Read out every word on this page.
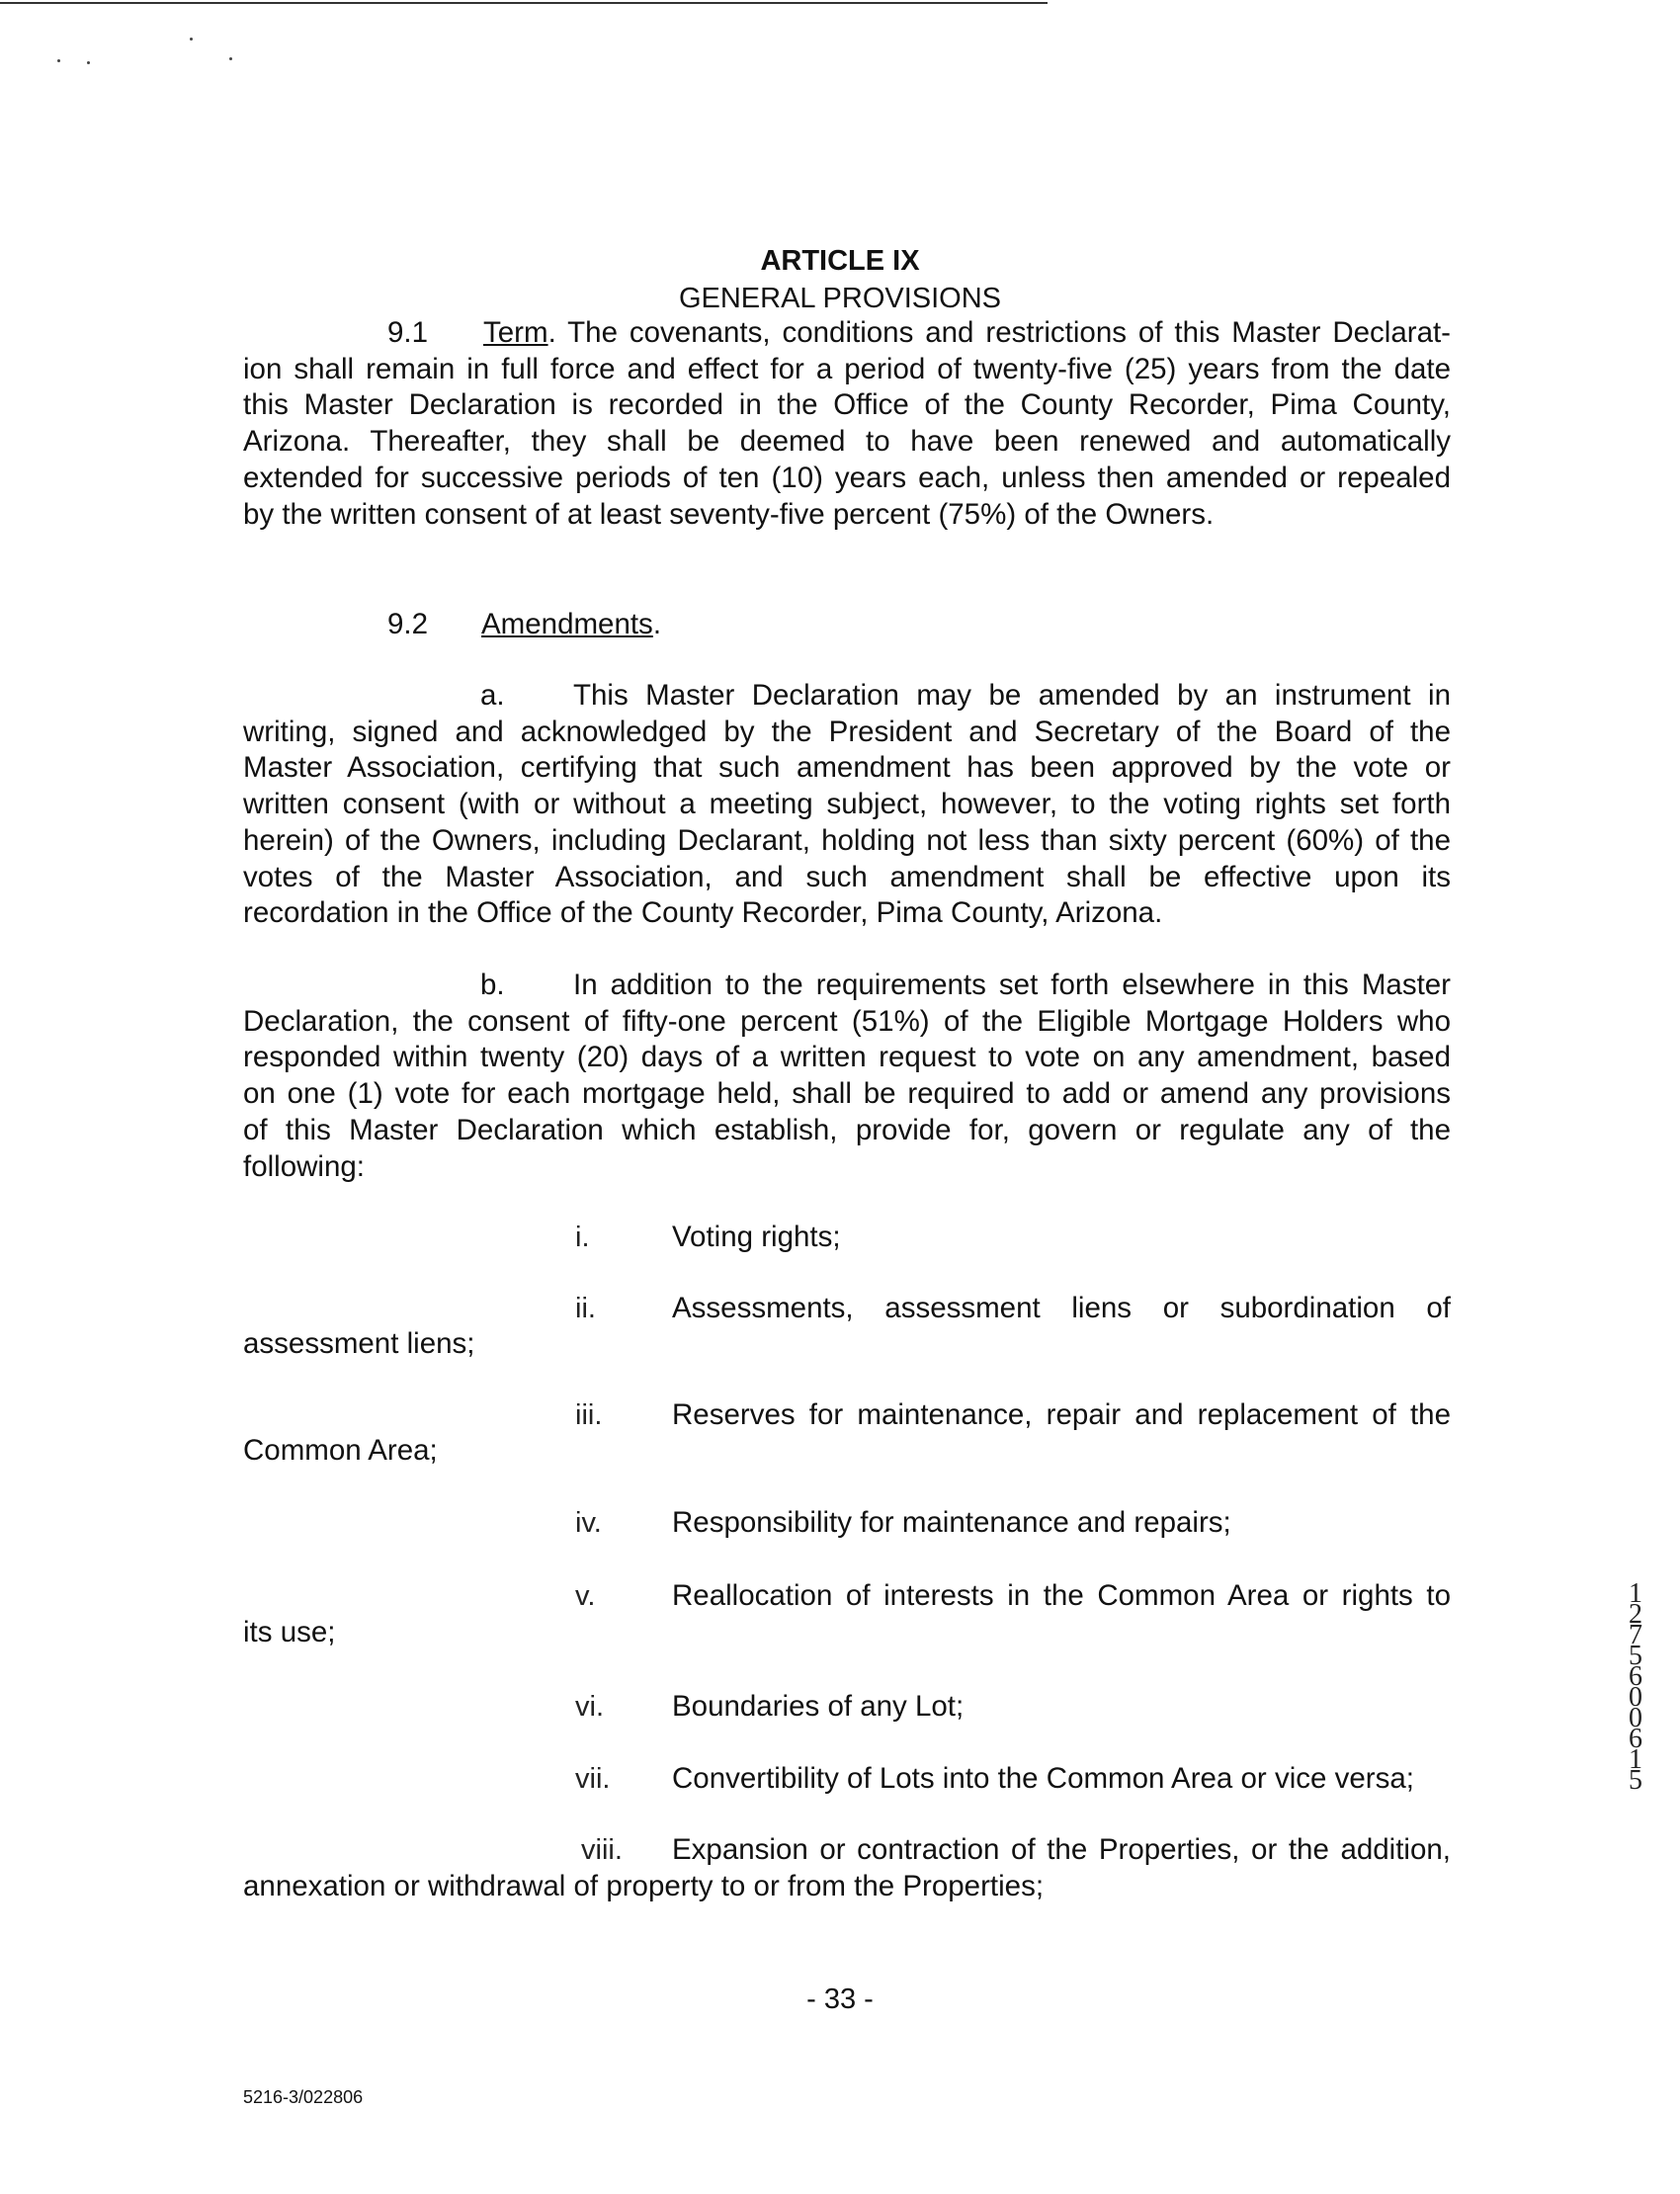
ARTICLE IX
GENERAL PROVISIONS
9.1 Term. The covenants, conditions and restrictions of this Master Declarat-
ion shall remain in full force and effect for a period of twenty-five (25) years from the date
this Master Declaration is recorded in the Office of the County Recorder, Pima County,
Arizona. Thereafter, they shall be deemed to have been renewed and automatically
extended for successive periods of ten (10) years each, unless then amended or repealed
by the written consent of at least seventy-five percent (75%) of the Owners.
9.2 Amendments.
a. This Master Declaration may be amended by an instrument in
writing, signed and acknowledged by the President and Secretary of the Board of the
Master Association, certifying that such amendment has been approved by the vote or
written consent (with or without a meeting subject, however, to the voting rights set forth
herein) of the Owners, including Declarant, holding not less than sixty percent (60%) of the
votes of the Master Association, and such amendment shall be effective upon its
recordation in the Office of the County Recorder, Pima County, Arizona.
b. In addition to the requirements set forth elsewhere in this Master
Declaration, the consent of fifty-one percent (51%) of the Eligible Mortgage Holders who
responded within twenty (20) days of a written request to vote on any amendment, based
on one (1) vote for each mortgage held, shall be required to add or amend any provisions
of this Master Declaration which establish, provide for, govern or regulate any of the
following:
i.	Voting rights;
ii.	Assessments, assessment liens or subordination of
assessment liens;
iii. Reserves for maintenance, repair and replacement of the
Common Area;
iv. Responsibility for maintenance and repairs;
v.	Reallocation of interests in the Common Area or rights to
its use;
vi. Boundaries of any Lot;
vii. Convertibility of Lots into the Common Area or vice versa;
viii. Expansion or contraction of the Properties, or the addition,
annexation or withdrawal of property to or from the Properties;
- 33 -
5216-3/022806
12756 00615
